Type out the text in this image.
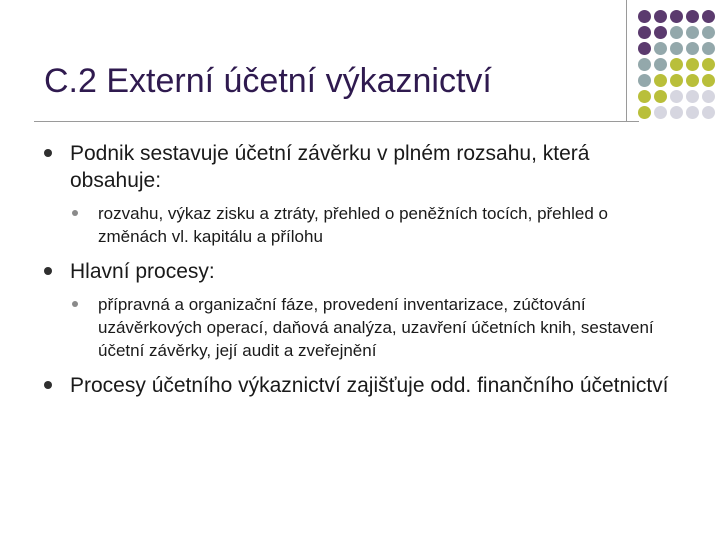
C.2 Externí účetní výkaznictví
Podnik sestavuje účetní závěrku v plném rozsahu, která obsahuje:
rozvahu, výkaz zisku a ztráty, přehled o peněžních tocích, přehled o změnách vl. kapitálu a přílohu
Hlavní procesy:
přípravná a organizační fáze, provedení inventarizace, zúčtování uzávěrkových operací, daňová analýza, uzavření účetních knih, sestavení účetní závěrky, její audit a zveřejnění
Procesy účetního výkaznictví zajišťuje odd. finančního účetnictví
